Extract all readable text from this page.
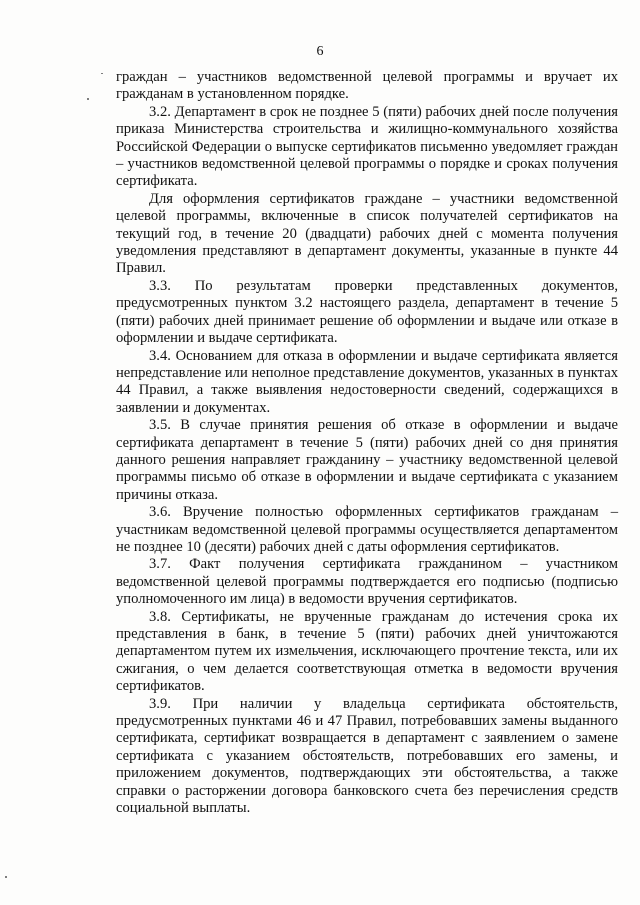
6

граждан – участников ведомственной целевой программы и вручает их гражданам в установленном порядке.

3.2. Департамент в срок не позднее 5 (пяти) рабочих дней после получения приказа Министерства строительства и жилищно-коммунального хозяйства Российской Федерации о выпуске сертификатов письменно уведомляет граждан – участников ведомственной целевой программы о порядке и сроках получения сертификата.

Для оформления сертификатов граждане – участники ведомственной целевой программы, включенные в список получателей сертификатов на текущий год, в течение 20 (двадцати) рабочих дней с момента получения уведомления представляют в департамент документы, указанные в пункте 44 Правил.

3.3. По результатам проверки представленных документов, предусмотренных пунктом 3.2 настоящего раздела, департамент в течение 5 (пяти) рабочих дней принимает решение об оформлении и выдаче или отказе в оформлении и выдаче сертификата.

3.4. Основанием для отказа в оформлении и выдаче сертификата является непредставление или неполное представление документов, указанных в пунктах 44 Правил, а также выявления недостоверности сведений, содержащихся в заявлении и документах.

3.5. В случае принятия решения об отказе в оформлении и выдаче сертификата департамент в течение 5 (пяти) рабочих дней со дня принятия данного решения направляет гражданину – участнику ведомственной целевой программы письмо об отказе в оформлении и выдаче сертификата с указанием причины отказа.

3.6. Вручение полностью оформленных сертификатов гражданам – участникам ведомственной целевой программы осуществляется департаментом не позднее 10 (десяти) рабочих дней с даты оформления сертификатов.

3.7. Факт получения сертификата гражданином – участником ведомственной целевой программы подтверждается его подписью (подписью уполномоченного им лица) в ведомости вручения сертификатов.

3.8. Сертификаты, не врученные гражданам до истечения срока их представления в банк, в течение 5 (пяти) рабочих дней уничтожаются департаментом путем их измельчения, исключающего прочтение текста, или их сжигания, о чем делается соответствующая отметка в ведомости вручения сертификатов.

3.9. При наличии у владельца сертификата обстоятельств, предусмотренных пунктами 46 и 47 Правил, потребовавших замены выданного сертификата, сертификат возвращается в департамент с заявлением о замене сертификата с указанием обстоятельств, потребовавших его замены, и приложением документов, подтверждающих эти обстоятельства, а также справки о расторжении договора банковского счета без перечисления средств социальной выплаты.
